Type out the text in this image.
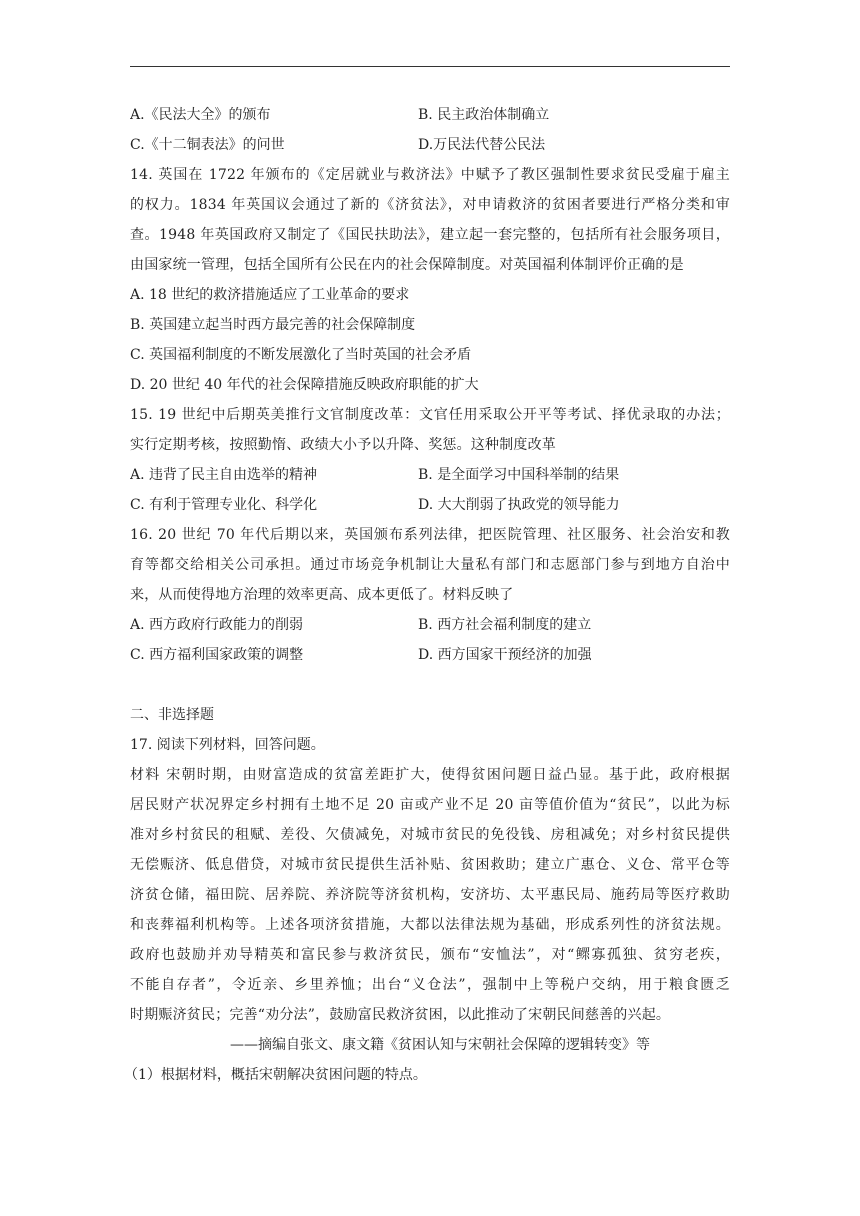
A.《民法大全》的颁布	B. 民主政治体制确立
C.《十二铜表法》的问世	D.万民法代替公民法
14. 英国在 1722 年颁布的《定居就业与救济法》中赋予了教区强制性要求贫民受雇于雇主
的权力。1834 年英国议会通过了新的《济贫法》，对申请救济的贫困者要进行严格分类和审
查。1948 年英国政府又制定了《国民扶助法》，建立起一套完整的，包括所有社会服务项目，
由国家统一管理，包括全国所有公民在内的社会保障制度。对英国福利体制评价正确的是
A. 18 世纪的救济措施适应了工业革命的要求
B. 英国建立起当时西方最完善的社会保障制度
C. 英国福利制度的不断发展激化了当时英国的社会矛盾
D. 20 世纪 40 年代的社会保障措施反映政府职能的扩大
15. 19 世纪中后期英美推行文官制度改革：文官任用采取公开平等考试、择优录取的办法；
实行定期考核，按照勤惰、政绩大小予以升降、奖惩。这种制度改革
A. 违背了民主自由选举的精神	B. 是全面学习中国科举制的结果
C. 有利于管理专业化、科学化	D. 大大削弱了执政党的领导能力
16. 20 世纪 70 年代后期以来，英国颁布系列法律，把医院管理、社区服务、社会治安和教
育等都交给相关公司承担。通过市场竞争机制让大量私有部门和志愿部门参与到地方自治中
来，从而使得地方治理的效率更高、成本更低了。材料反映了
A. 西方政府行政能力的削弱	B. 西方社会福利制度的建立
C. 西方福利国家政策的调整	D. 西方国家干预经济的加强
二、非选择题
17. 阅读下列材料，回答问题。
材料 宋朝时期，由财富造成的贫富差距扩大，使得贫困问题日益凸显。基于此，政府根据
居民财产状况界定乡村拥有土地不足 20 亩或产业不足 20 亩等值价值为“贫民”，以此为标
准对乡村贫民的租赋、差役、欠债减免，对城市贫民的免役钱、房租减免；对乡村贫民提供
无偿赈济、低息借贷，对城市贫民提供生活补贴、贫困救助；建立广惠仓、义仓、常平仓等
济贫仓储，福田院、居养院、养济院等济贫机构，安济坊、太平惠民局、施药局等医疗救助
和丧葬福利机构等。上述各项济贫措施，大都以法律法规为基础，形成系列性的济贫法规。
政府也鼓励并劝导精英和富民参与救济贫民，颁布“安恤法”，对“鳏寡孤独、贫穷老疾，
不能自存者”，令近亲、乡里养恤；出台“义仓法”，强制中上等税户交纳，用于粮食匮乏
时期赈济贫民；完善“劝分法”，鼓励富民救济贫困，以此推动了宋朝民间慈善的兴起。
——摘编自张文、康文籍《贫困认知与宋朝社会保障的逻辑转变》等
（1）根据材料，概括宋朝解决贫困问题的特点。
